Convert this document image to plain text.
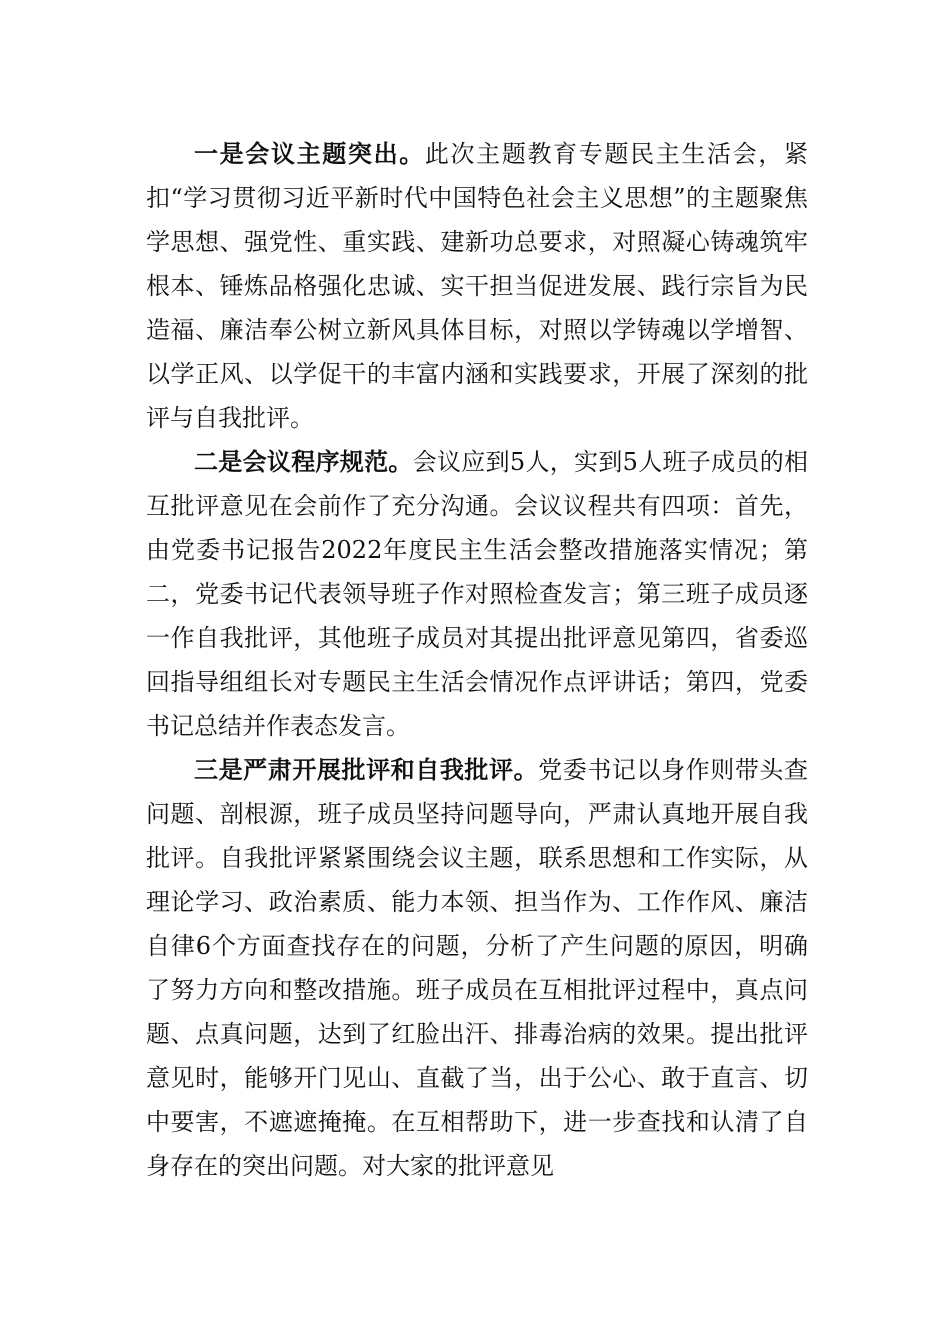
一是会议主题突出。此次主题教育专题民主生活会，紧扣“学习贯彻习近平新时代中国特色社会主义思想”的主题聚焦学思想、强党性、重实践、建新功总要求，对照凝心铸魂筑牢根本、锤炼品格强化忠诚、实干担当促进发展、践行宗旨为民造福、廉洁奉公树立新风具体目标，对照以学铸魂以学增智、以学正风、以学促干的丰富内涵和实践要求，开展了深刻的批评与自我批评。

二是会议程序规范。会议应到5人，实到5人班子成员的相互批评意见在会前作了充分沟通。会议议程共有四项：首先，由党委书记报告2022年度民主生活会整改措施落实情况；第二，党委书记代表领导班子作对照检查发言；第三班子成员逐一作自我批评，其他班子成员对其提出批评意见第四，省委巡回指导组组长对专题民主生活会情况作点评讲话；第四，党委书记总结并作表态发言。

三是严肃开展批评和自我批评。党委书记以身作则带头查问题、剖根源，班子成员坚持问题导向，严肃认真地开展自我批评。自我批评紧紧围绕会议主题，联系思想和工作实际，从理论学习、政治素质、能力本领、担当作为、工作作风、廉洁自律6个方面查找存在的问题，分析了产生问题的原因，明确了努力方向和整改措施。班子成员在互相批评过程中，真点问题、点真问题，达到了红脸出汗、排毒治病的效果。提出批评意见时，能够开门见山、直截了当，出于公心、敢于直言、切中要害，不遮遮掩掩。在互相帮助下，进一步查找和认清了自身存在的突出问题。对大家的批评意见
